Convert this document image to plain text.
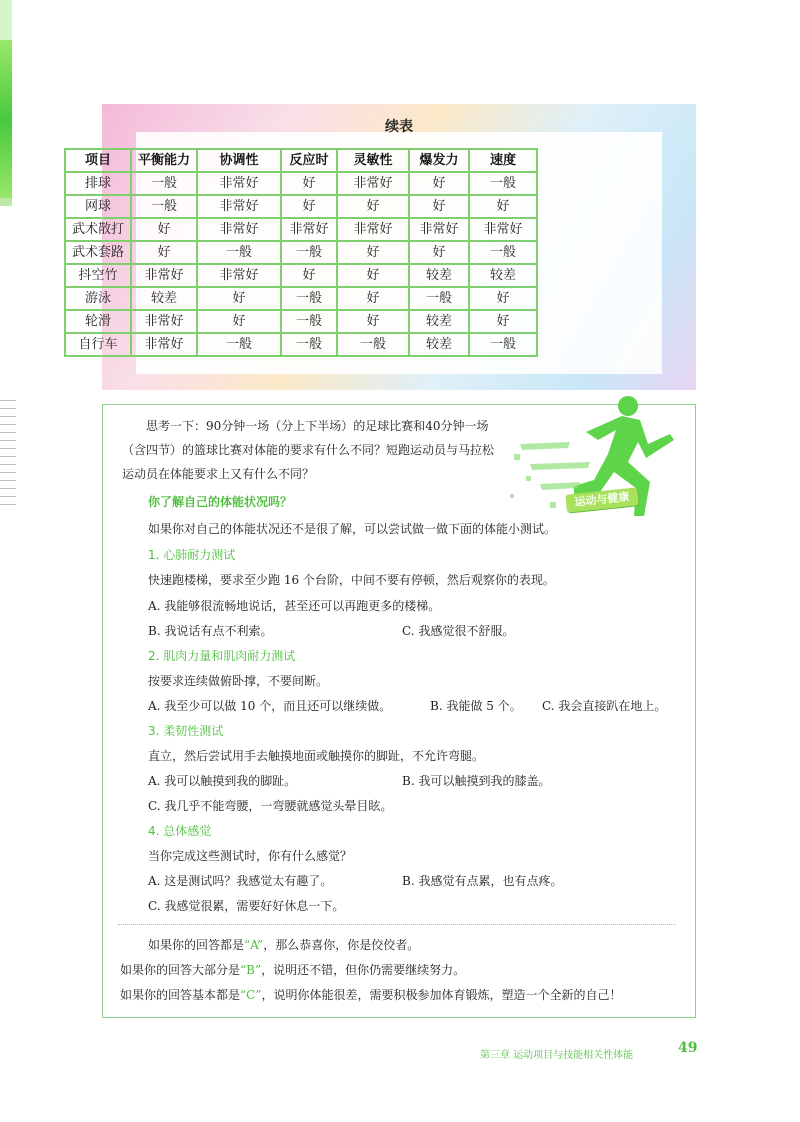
续表
项目	平衡能力	协调性	反应时	灵敏性	爆发力	速度
排球	一般	非常好	好	非常好	好	一般
网球	一般	非常好	好	好	好	好
武术散打	好	非常好	非常好	非常好	非常好	非常好
武术套路	好	一般	一般	好	好	一般
抖空竹	非常好	非常好	好	好	较差	较差
游泳	较差	好	一般	好	一般	好
轮滑	非常好	好	一般	好	较差	好
自行车	非常好	一般	一般	一般	较差	一般
运动与健康
思考一下：90分钟一场（分上下半场）的足球比赛和40分钟一场（含四节）的篮球比赛对体能的要求有什么不同？短跑运动员与马拉松运动员在体能要求上又有什么不同？
你了解自己的体能状况吗？
如果你对自己的体能状况还不是很了解，可以尝试做一做下面的体能小测试。
1. 心肺耐力测试
快速跑楼梯，要求至少跑 16 个台阶，中间不要有停顿，然后观察你的表现。
A. 我能够很流畅地说话，甚至还可以再跑更多的楼梯。
B. 我说话有点不利索。	C. 我感觉很不舒服。
2. 肌肉力量和肌肉耐力测试
按要求连续做俯卧撑，不要间断。
A. 我至少可以做 10 个，而且还可以继续做。	B. 我能做 5 个。 C. 我会直接趴在地上。
3. 柔韧性测试
直立，然后尝试用手去触摸地面或触摸你的脚趾，不允许弯腿。
A. 我可以触摸到我的脚趾。	B. 我可以触摸到我的膝盖。
C. 我几乎不能弯腰，一弯腰就感觉头晕目眩。
4. 总体感觉
当你完成这些测试时，你有什么感觉？
A. 这是测试吗？我感觉太有趣了。	B. 我感觉有点累，也有点疼。
C. 我感觉很累，需要好好休息一下。
如果你的回答都是“A”，那么恭喜你，你是佼佼者。
如果你的回答大部分是“B”，说明还不错，但你仍需要继续努力。
如果你的回答基本都是“C”，说明你体能很差，需要积极参加体育锻炼，塑造一个全新的自己！
第三章 运动项目与技能相关性体能	49
